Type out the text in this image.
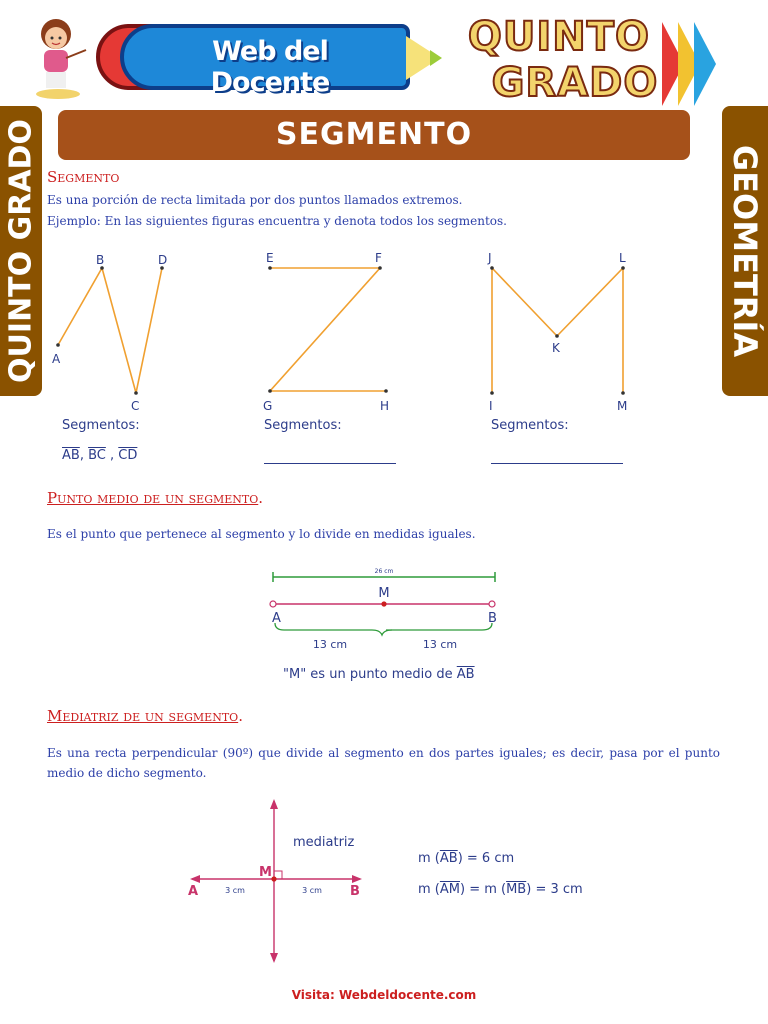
Web del Docente
QUINTO
GRADO
SEGMENTO
QUINTO GRADO	GEOMETRÍA
Segmento
Es una porción de recta limitada por dos puntos llamados extremos.
Ejemplo: En las siguientes figuras encuentra y denota todos los segmentos.
A
B
C
D	E	F
G	H
J	L
K
I	M
Segmentos:
$\overline{AB}$, $\overline{BC}$ , $\overline{CD}$
Segmentos:	Segmentos:
Punto medio de un segmento.
Es el punto que pertenece al segmento y lo divide en medidas iguales.
26 cm
M
A	B
13 cm	13 cm
"M" es un punto medio de $\overline{AB}$
Mediatriz de un segmento.
Es una recta perpendicular (90º) que divide al segmento en dos partes iguales; es decir, pasa por el punto medio de dicho segmento.
A	B
M
3 cm	3 cm
mediatriz
m $(\overline{AB}) = 6$ cm
m $(\overline{AM}) = m$ $(\overline{MB}) = 3$ cm
Visita: Webdeldocente.com
